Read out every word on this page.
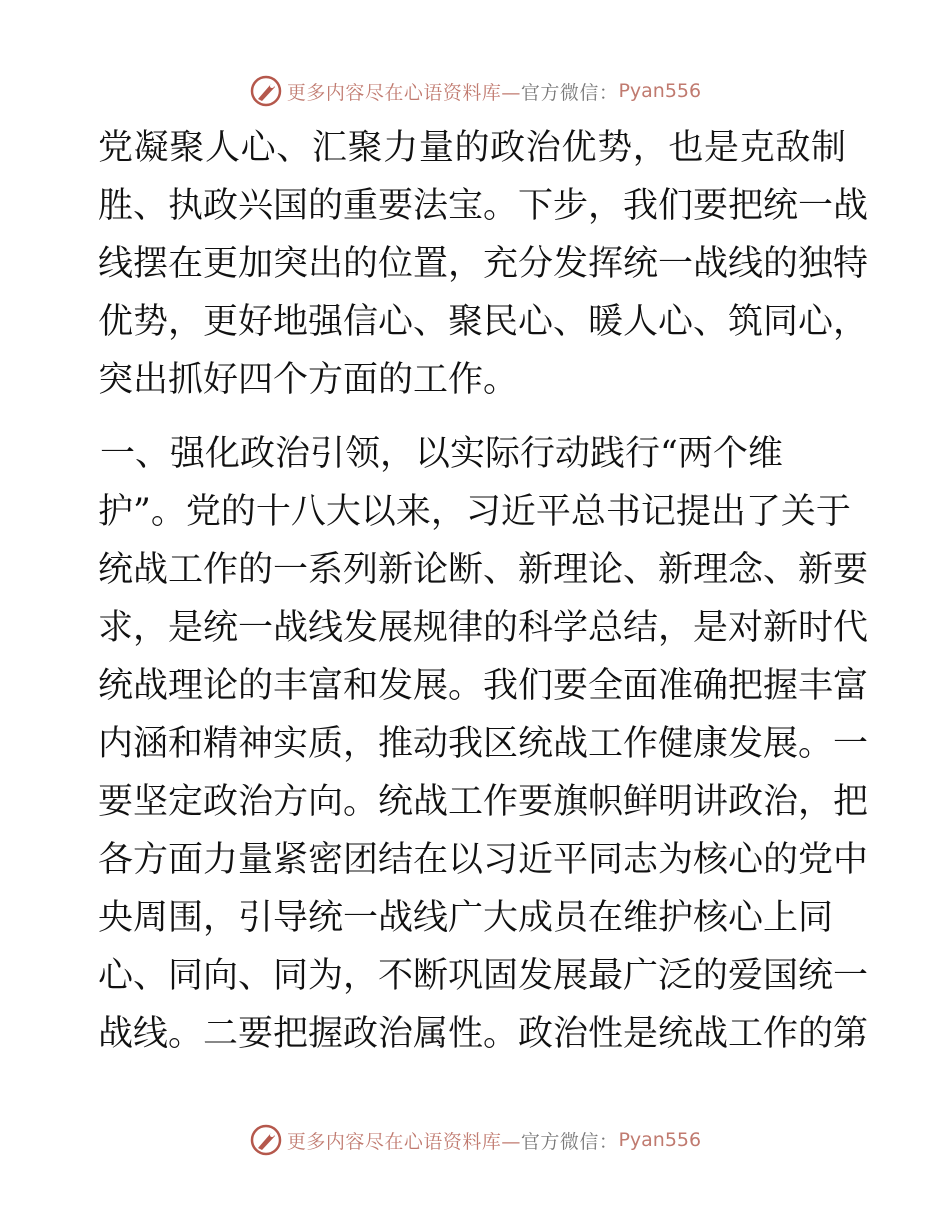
更多内容尽在心语资料库— 官方微信： Pyan556
党凝聚人心、汇聚力量的政治优势，也是克敌制
胜、执政兴国的重要法宝。下步，我们要把统一战
线摆在更加突出的位置，充分发挥统一战线的独特
优势，更好地强信心、聚民心、暖人心、筑同心，
突出抓好四个方面的工作。
一、强化政治引领，以实际行动践行“两个维
护”。党的十八大以来，习近平总书记提出了关于
统战工作的一系列新论断、新理论、新理念、新要
求，是统一战线发展规律的科学总结，是对新时代
统战理论的丰富和发展。我们要全面准确把握丰富
内涵和精神实质，推动我区统战工作健康发展。一
要坚定政治方向。统战工作要旗帜鲜明讲政治，把
各方面力量紧密团结在以习近平同志为核心的党中
央周围，引导统一战线广大成员在维护核心上同
心、同向、同为，不断巩固发展最广泛的爱国统一
战线。二要把握政治属性。政治性是统战工作的第
更多内容尽在心语资料库— 官方微信： Pyan556
